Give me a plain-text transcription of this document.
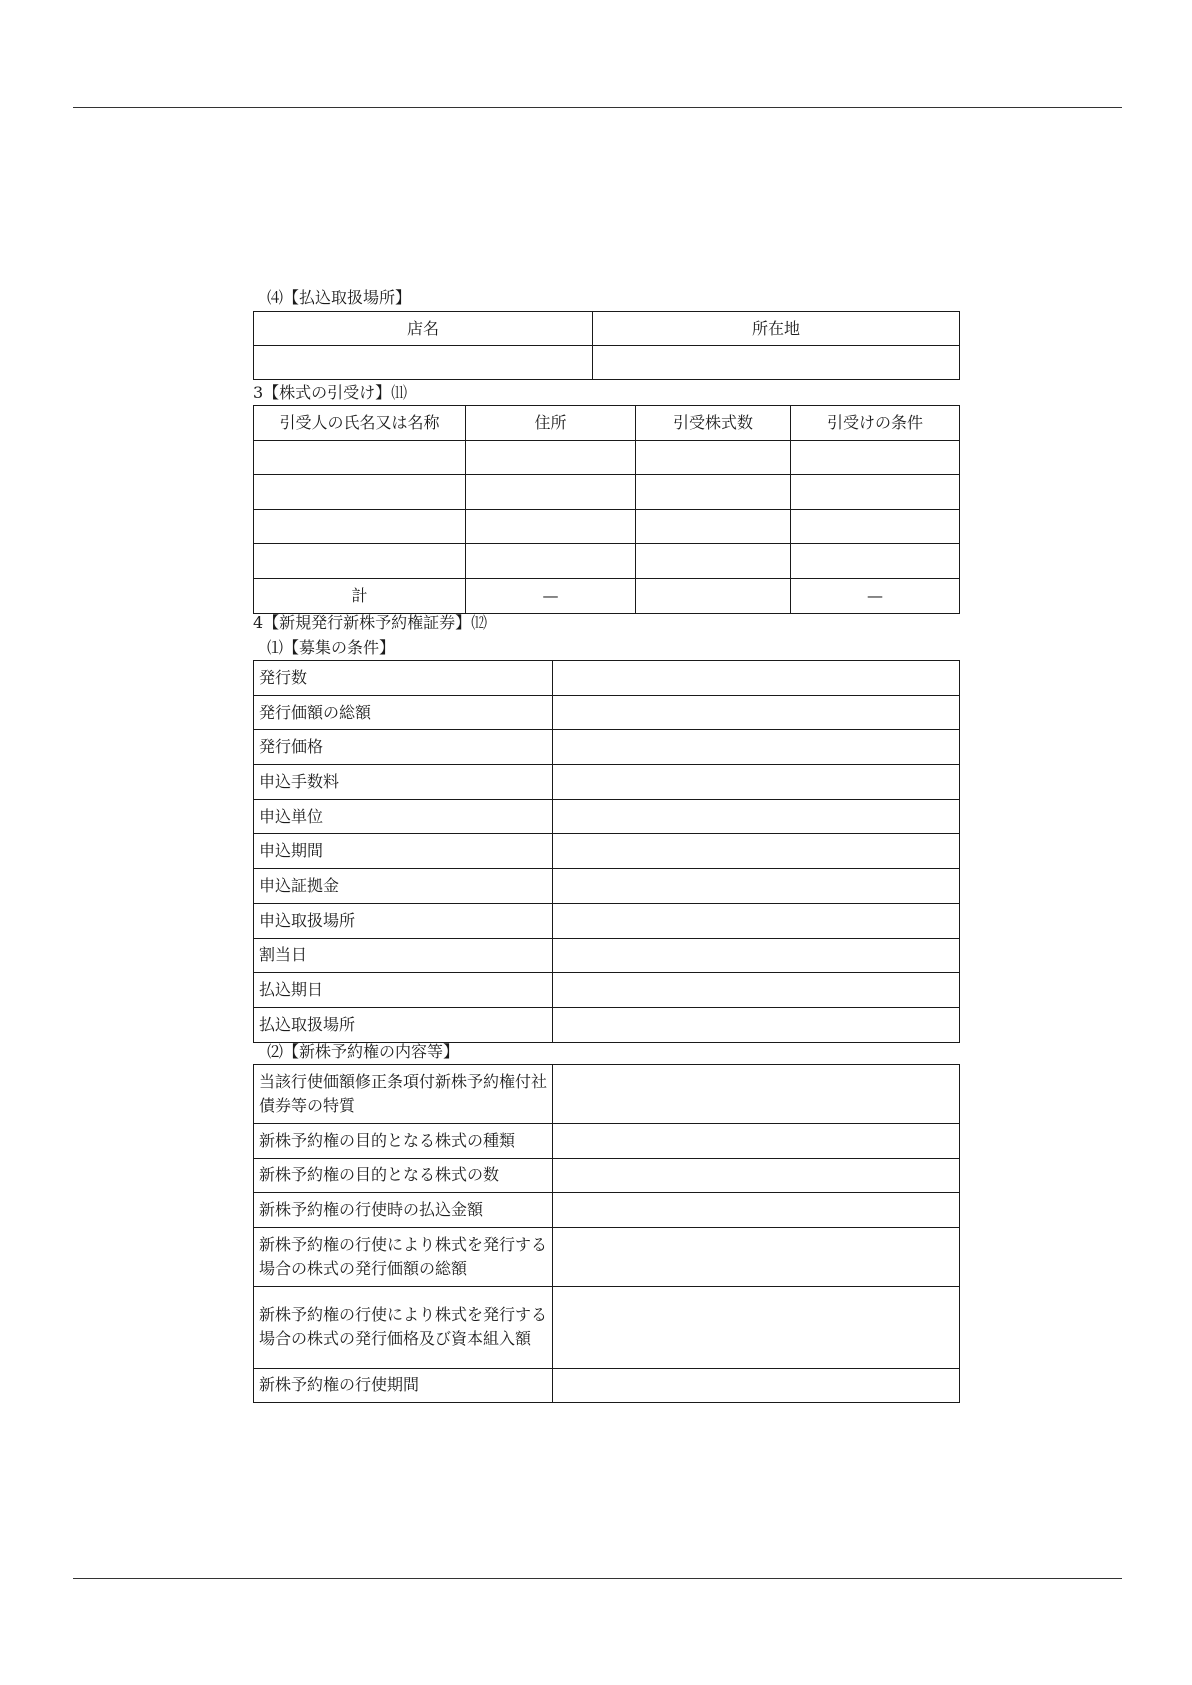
⑷【払込取扱場所】
店名	所在地

3【株式の引受け】⑾
引受人の氏名又は名称	住所	引受株式数	引受けの条件

計	—		—
4【新規発行新株予約権証券】⑿
⑴【募集の条件】
発行数	
発行価額の総額	
発行価格	
申込手数料	
申込単位	
申込期間	
申込証拠金	
申込取扱場所	
割当日	
払込期日	
払込取扱場所	
⑵【新株予約権の内容等】
当該行使価額修正条項付新株予約権付社債券等の特質	
新株予約権の目的となる株式の種類	
新株予約権の目的となる株式の数	
新株予約権の行使時の払込金額	
新株予約権の行使により株式を発行する場合の株式の発行価額の総額	
新株予約権の行使により株式を発行する場合の株式の発行価格及び資本組入額	
新株予約権の行使期間	
